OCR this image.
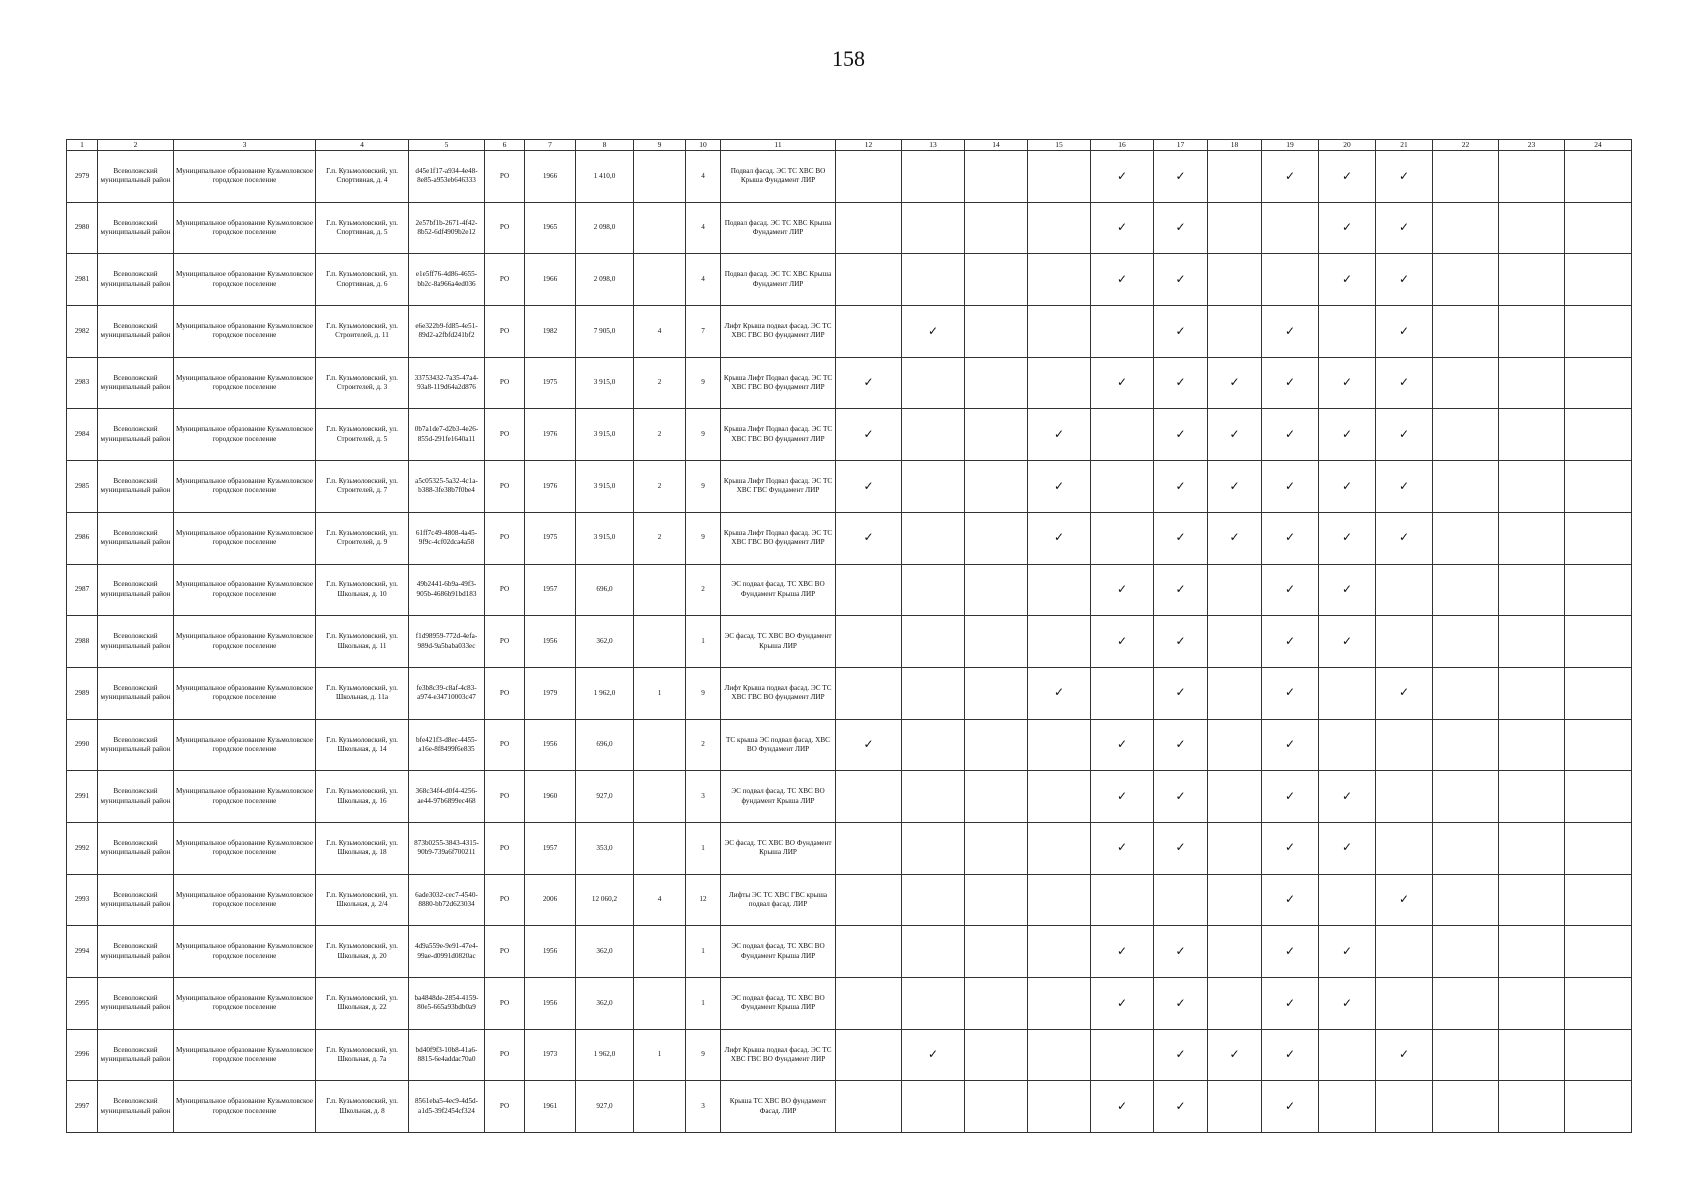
158
1	2	3	4	5	6	7	8	9	10	11	12	13	14	15	16	17	18	19	20	21	22	23	24
2979	Всеволожский муниципальный район	Муниципальное образование Кузьмоловское городское поселение	Г.п. Кузьмоловский, ул. Спортивная, д. 4	d45e1f17-a934-4e48-8e85-a953eb646333	РО	1966	1 410,0		4	Подвал фасад. ЭС ТС ХВС ВО Крыша Фундамент ЛИР					✓	✓		✓	✓	✓			
2980	Всеволожский муниципальный район	Муниципальное образование Кузьмоловское городское поселение	Г.п. Кузьмоловский, ул. Спортивная, д. 5	2e57bf1b-2671-4f42-8b52-6df4909b2e12	РО	1965	2 098,0		4	Подвал фасад. ЭС ТС ХВС Крыша Фундамент ЛИР					✓	✓			✓	✓			
2981	Всеволожский муниципальный район	Муниципальное образование Кузьмоловское городское поселение	Г.п. Кузьмоловский, ул. Спортивная, д. 6	e1e5ff76-4d86-4655-bb2c-8a966a4ed036	РО	1966	2 098,0		4	Подвал фасад. ЭС ТС ХВС Крыша Фундамент ЛИР					✓	✓			✓	✓			
2982	Всеволожский муниципальный район	Муниципальное образование Кузьмоловское городское поселение	Г.п. Кузьмоловский, ул. Строителей, д. 11	e6e322b9-fd85-4e51-89d2-a2fbfd241bf2	РО	1982	7 905,0	4	7	Лифт Крыша подвал фасад. ЭС ТС ХВС ГВС ВО фундамент ЛИР		✓				✓		✓		✓			
2983	Всеволожский муниципальный район	Муниципальное образование Кузьмоловское городское поселение	Г.п. Кузьмоловский, ул. Строителей, д. 3	33753432-7a35-47a4-93a8-119d64a2d876	РО	1975	3 915,0	2	9	Крыша Лифт Подвал фасад. ЭС ТС ХВС ГВС ВО фундамент ЛИР	✓				✓	✓	✓	✓	✓	✓			
2984	Всеволожский муниципальный район	Муниципальное образование Кузьмоловское городское поселение	Г.п. Кузьмоловский, ул. Строителей, д. 5	0b7a1de7-d2b3-4e26-855d-291fe1640a11	РО	1976	3 915,0	2	9	Крыша Лифт Подвал фасад. ЭС ТС ХВС ГВС ВО фундамент ЛИР	✓			✓		✓	✓	✓	✓	✓			
2985	Всеволожский муниципальный район	Муниципальное образование Кузьмоловское городское поселение	Г.п. Кузьмоловский, ул. Строителей, д. 7	a5c05325-5a32-4c1a-b388-3fe38b7f0be4	РО	1976	3 915,0	2	9	Крыша Лифт Подвал фасад. ЭС ТС ХВС ГВС Фундамент ЛИР	✓			✓		✓	✓	✓	✓	✓			
2986	Всеволожский муниципальный район	Муниципальное образование Кузьмоловское городское поселение	Г.п. Кузьмоловский, ул. Строителей, д. 9	61ff7c49-4808-4a45-9f9c-4cf02dca4a58	РО	1975	3 915,0	2	9	Крыша Лифт Подвал фасад. ЭС ТС ХВС ГВС ВО фундамент ЛИР	✓			✓		✓	✓	✓	✓	✓			
2987	Всеволожский муниципальный район	Муниципальное образование Кузьмоловское городское поселение	Г.п. Кузьмоловский, ул. Школьная, д. 10	49b2441-6b9a-49f3-905b-4686b91bd183	РО	1957	696,0		2	ЭС подвал фасад. ТС ХВС ВО Фундамент Крыша ЛИР					✓	✓		✓	✓				
2988	Всеволожский муниципальный район	Муниципальное образование Кузьмоловское городское поселение	Г.п. Кузьмоловский, ул. Школьная, д. 11	f1d98959-772d-4efa-989d-9a5baba033ec	РО	1956	362,0		1	ЭС фасад. ТС ХВС ВО Фундамент Крыша ЛИР					✓	✓		✓	✓				
2989	Всеволожский муниципальный район	Муниципальное образование Кузьмоловское городское поселение	Г.п. Кузьмоловский, ул. Школьная, д. 11а	fe3b8c39-c8af-4c83-a974-e34710003c47	РО	1979	1 962,0	1	9	Лифт Крыша подвал фасад. ЭС ТС ХВС ГВС ВО фундамент ЛИР				✓		✓		✓		✓			
2990	Всеволожский муниципальный район	Муниципальное образование Кузьмоловское городское поселение	Г.п. Кузьмоловский, ул. Школьная, д. 14	bfe421f3-d8ec-4455-a16e-8f8499f6e835	РО	1956	696,0		2	ТС крыша ЭС подвал фасад. ХВС ВО Фундамент ЛИР	✓				✓	✓		✓					
2991	Всеволожский муниципальный район	Муниципальное образование Кузьмоловское городское поселение	Г.п. Кузьмоловский, ул. Школьная, д. 16	368c34f4-d0f4-4256-ae44-97b6899ec468	РО	1960	927,0		3	ЭС подвал фасад. ТС ХВС ВО фундамент Крыша ЛИР					✓	✓		✓	✓				
2992	Всеволожский муниципальный район	Муниципальное образование Кузьмоловское городское поселение	Г.п. Кузьмоловский, ул. Школьная, д. 18	873b0255-3843-4315-90b9-739a6f700211	РО	1957	353,0		1	ЭС фасад. ТС ХВС ВО Фундамент Крыша ЛИР					✓	✓		✓	✓				
2993	Всеволожский муниципальный район	Муниципальное образование Кузьмоловское городское поселение	Г.п. Кузьмоловский, ул. Школьная, д. 2/4	6ade3032-cec7-4540-8880-bb72d623034	РО	2006	12 060,2	4	12	Лифты ЭС ТС ХВС ГВС крыша подвал фасад. ЛИР								✓		✓			
2994	Всеволожский муниципальный район	Муниципальное образование Кузьмоловское городское поселение	Г.п. Кузьмоловский, ул. Школьная, д. 20	4d9a559e-9e91-47e4-99ae-d0991d0820ac	РО	1956	362,0		1	ЭС подвал фасад. ТС ХВС ВО Фундамент Крыша ЛИР					✓	✓		✓	✓				
2995	Всеволожский муниципальный район	Муниципальное образование Кузьмоловское городское поселение	Г.п. Кузьмоловский, ул. Школьная, д. 22	ba4848de-2854-4159-80e5-665a93bdb0a9	РО	1956	362,0		1	ЭС подвал фасад. ТС ХВС ВО Фундамент Крыша ЛИР					✓	✓		✓	✓				
2996	Всеволожский муниципальный район	Муниципальное образование Кузьмоловское городское поселение	Г.п. Кузьмоловский, ул. Школьная, д. 7а	bd40f9f3-10b8-41a6-8815-6e4addac70a0	РО	1973	1 962,0	1	9	Лифт Крыша подвал фасад. ЭС ТС ХВС ГВС ВО Фундамент ЛИР		✓				✓	✓	✓		✓			
2997	Всеволожский муниципальный район	Муниципальное образование Кузьмоловское городское поселение	Г.п. Кузьмоловский, ул. Школьная, д. 8	8561eba5-4ec9-4d5d-a1d5-39f2454cf324	РО	1961	927,0		3	Крыша ТС ХВС ВО фундамент Фасад. ЛИР					✓	✓		✓					
